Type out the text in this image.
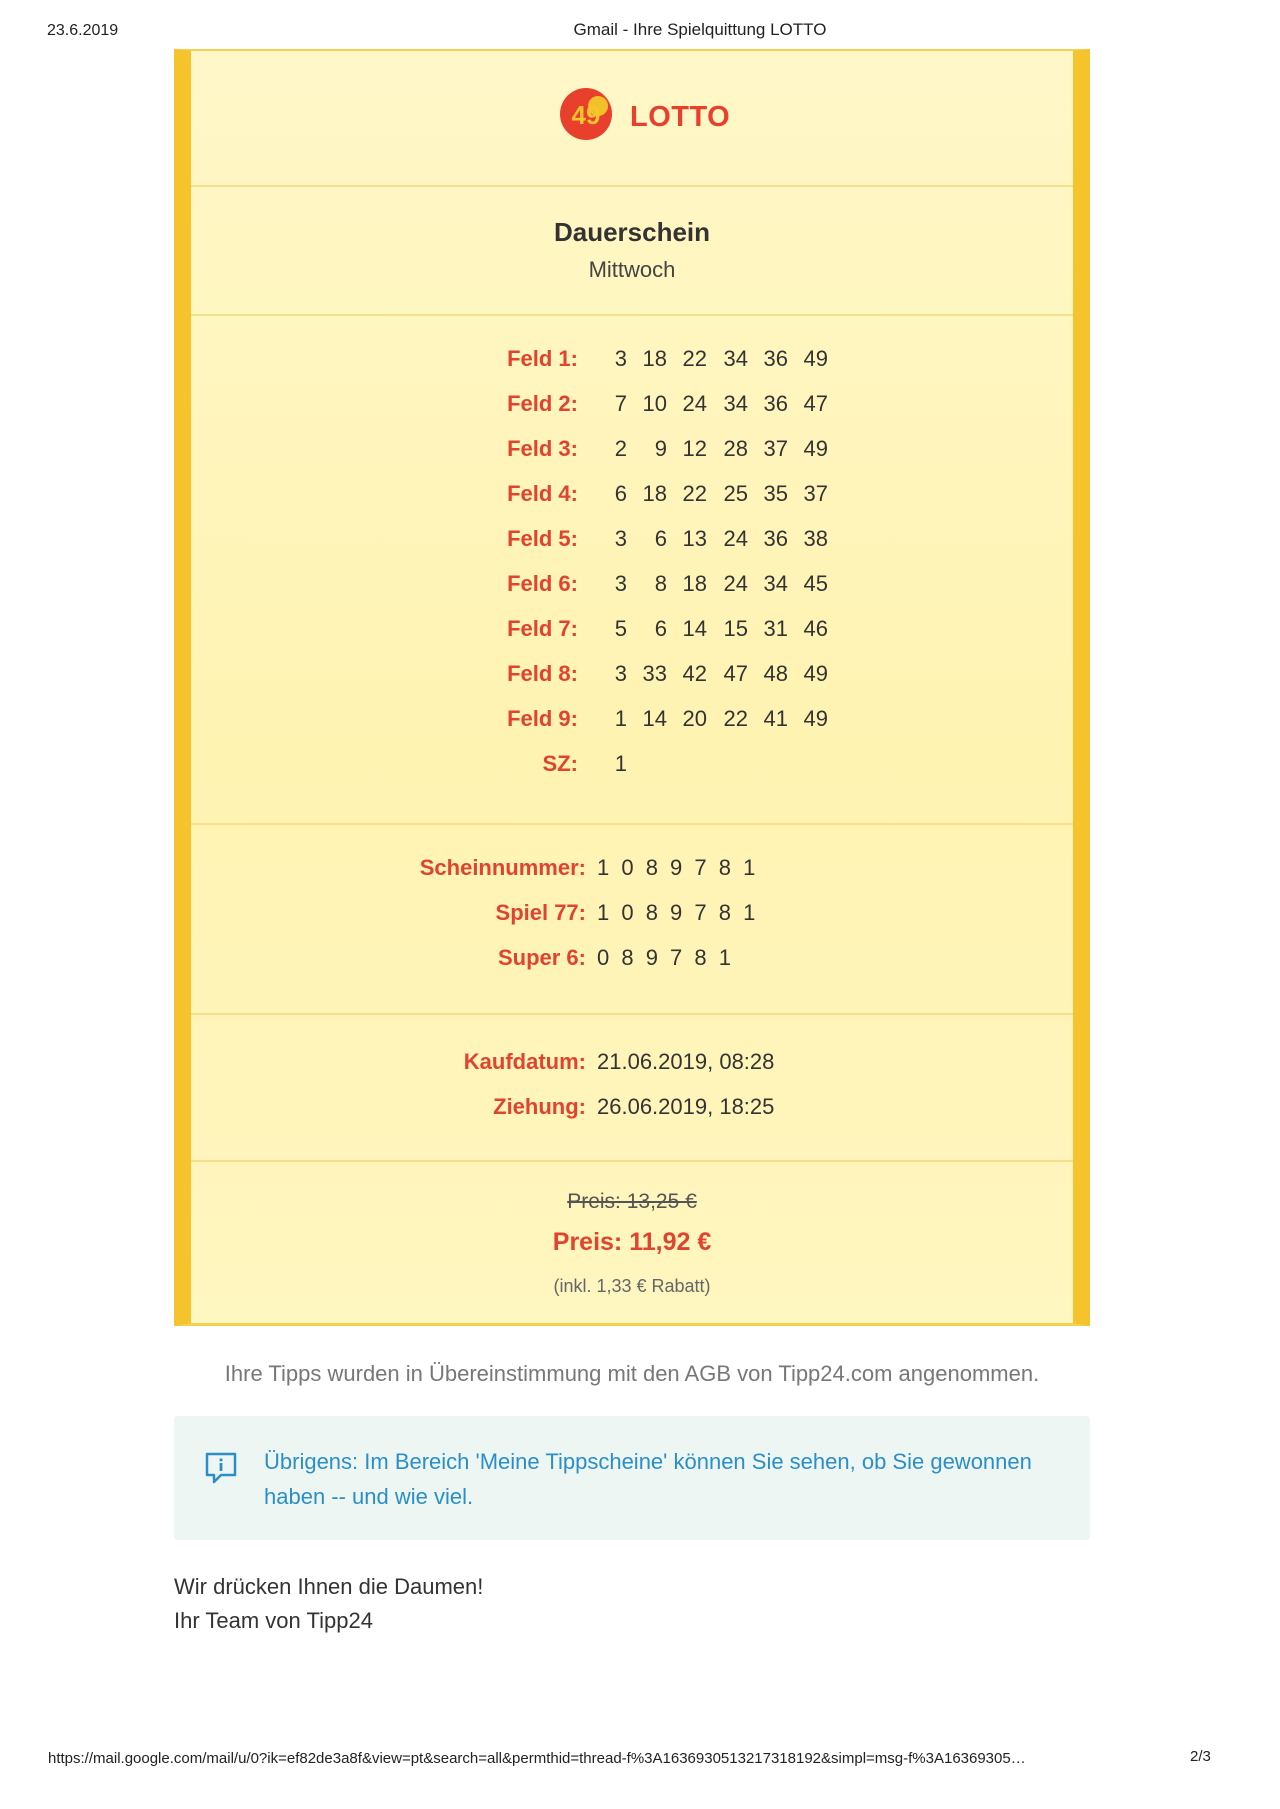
23.6.2019	Gmail - Ihre Spielquittung LOTTO
49 LOTTO
Dauerschein
Mittwoch
Feld 1:	3 18 22 34 36 49
Feld 2:	7 10 24 34 36 47
Feld 3:	2	9 12 28 37 49
Feld 4:	6 18 22 25 35 37
Feld 5:	3	6 13 24 36 38
Feld 6:	3	8 18 24 34 45
Feld 7:	5	6 14 15 31 46
Feld 8:	3 33 42 47 48 49
Feld 9:	1 14 20 22 41 49
SZ:	1
Scheinnummer: 1 0 8 9 7 8 1
Spiel 77: 1 0 8 9 7 8 1
Super 6: 0 8 9 7 8 1
Kaufdatum: 21.06.2019, 08:28
Ziehung: 26.06.2019, 18:25
Preis: 13,25 €
Preis: 11,92 €
(inkl. 1,33 € Rabatt)
Ihre Tipps wurden in Übereinstimmung mit den AGB von Tipp24.com angenommen.
Übrigens: Im Bereich 'Meine Tippscheine' können Sie sehen, ob Sie gewonnen haben -- und wie viel.
Wir drücken Ihnen die Daumen!
Ihr Team von Tipp24
https://mail.google.com/mail/u/0?ik=ef82de3a8f&view=pt&search=all&permthid=thread-f%3A1636930513217318192&simpl=msg-f%3A16369305…	2/3
